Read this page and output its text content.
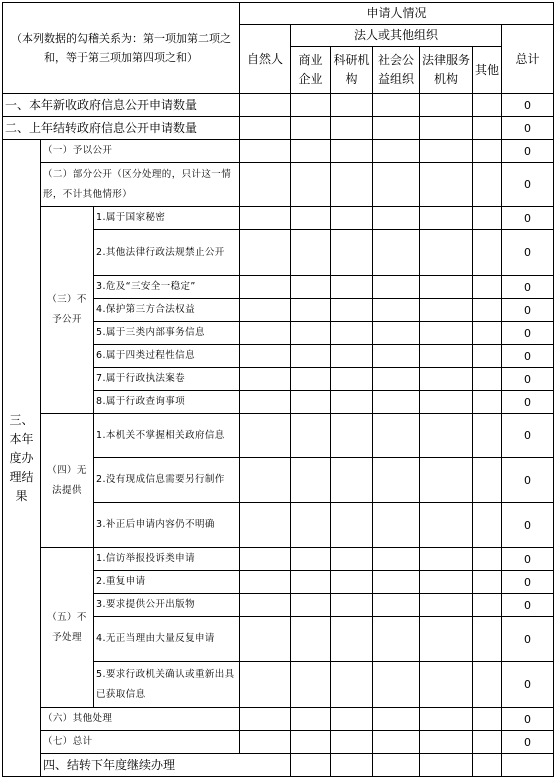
（本列数据的勾稽关系为：第一项加第二项之和，等于第三项加第四项之和）			申请人情况							
			自然人	法人或其他组织					总计	
				商业企业	科研机构	社会公益组织	法律服务机构	其他		
一、本年新收政府信息公开申请数量									0	
二、上年结转政府信息公开申请数量									0	
三、本年度办理结果	（一）予以公开								0	
	（二）部分公开（区分处理的，只计这一情形，不计其他情形）								0	
	（三）不予公开	1.属于国家秘密							0	
		2.其他法律行政法规禁止公开							0	
		3.危及“三安全一稳定”							0	
		4.保护第三方合法权益							0	
		5.属于三类内部事务信息							0	
		6.属于四类过程性信息							0	
		7.属于行政执法案卷							0	
		8.属于行政查询事项							0	
	（四）无法提供	1.本机关不掌握相关政府信息							0	
		2.没有现成信息需要另行制作							0	
		3.补正后申请内容仍不明确							0	
	（五）不予处理	1.信访举报投诉类申请							0	
		2.重复申请							0	
		3.要求提供公开出版物							0	
		4.无正当理由大量反复申请							0	
		5.要求行政机关确认或重新出具已获取信息							0	
	（六）其他处理								0	
	（七）总计								0	
	四、结转下年度继续办理							
